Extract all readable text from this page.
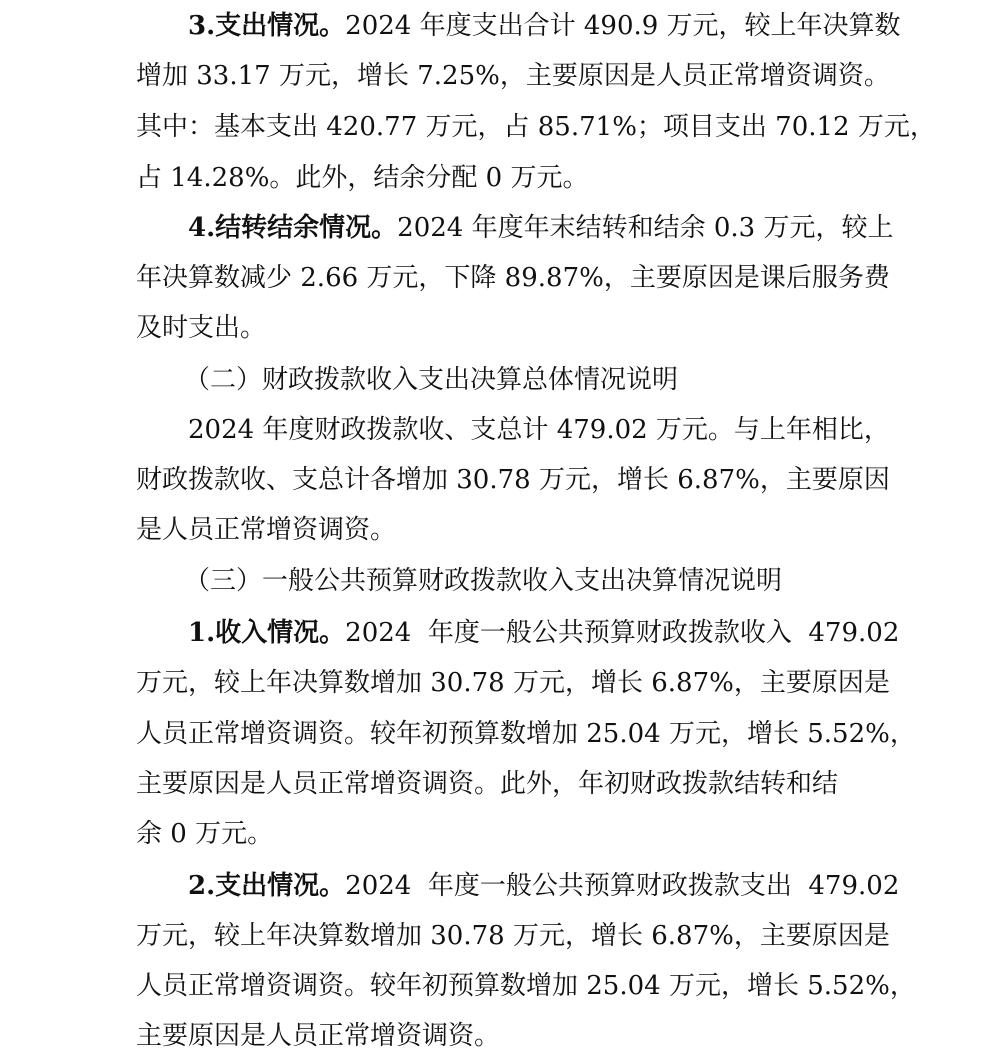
3.支出情况。2024 年度支出合计 490.9 万元，较上年决算数
增加 33.17 万元，增长 7.25%，主要原因是人员正常增资调资。
其中：基本支出 420.77 万元，占 85.71%；项目支出 70.12 万元，
占 14.28%。此外，结余分配 0 万元。
4.结转结余情况。2024 年度年末结转和结余 0.3 万元，较上
年决算数减少 2.66 万元，下降 89.87%，主要原因是课后服务费
及时支出。
（二）财政拨款收入支出决算总体情况说明
2024 年度财政拨款收、支总计 479.02 万元。与上年相比，
财政拨款收、支总计各增加 30.78 万元，增长 6.87%，主要原因
是人员正常增资调资。
（三）一般公共预算财政拨款收入支出决算情况说明
1.收入情况。2024  年度一般公共预算财政拨款收入  479.02
万元，较上年决算数增加 30.78 万元，增长 6.87%，主要原因是
人员正常增资调资。较年初预算数增加 25.04 万元，增长 5.52%，
主要原因是人员正常增资调资。此外，年初财政拨款结转和结
余 0 万元。
2.支出情况。2024  年度一般公共预算财政拨款支出  479.02
万元，较上年决算数增加 30.78 万元，增长 6.87%，主要原因是
人员正常增资调资。较年初预算数增加 25.04 万元，增长 5.52%，
主要原因是人员正常增资调资。
